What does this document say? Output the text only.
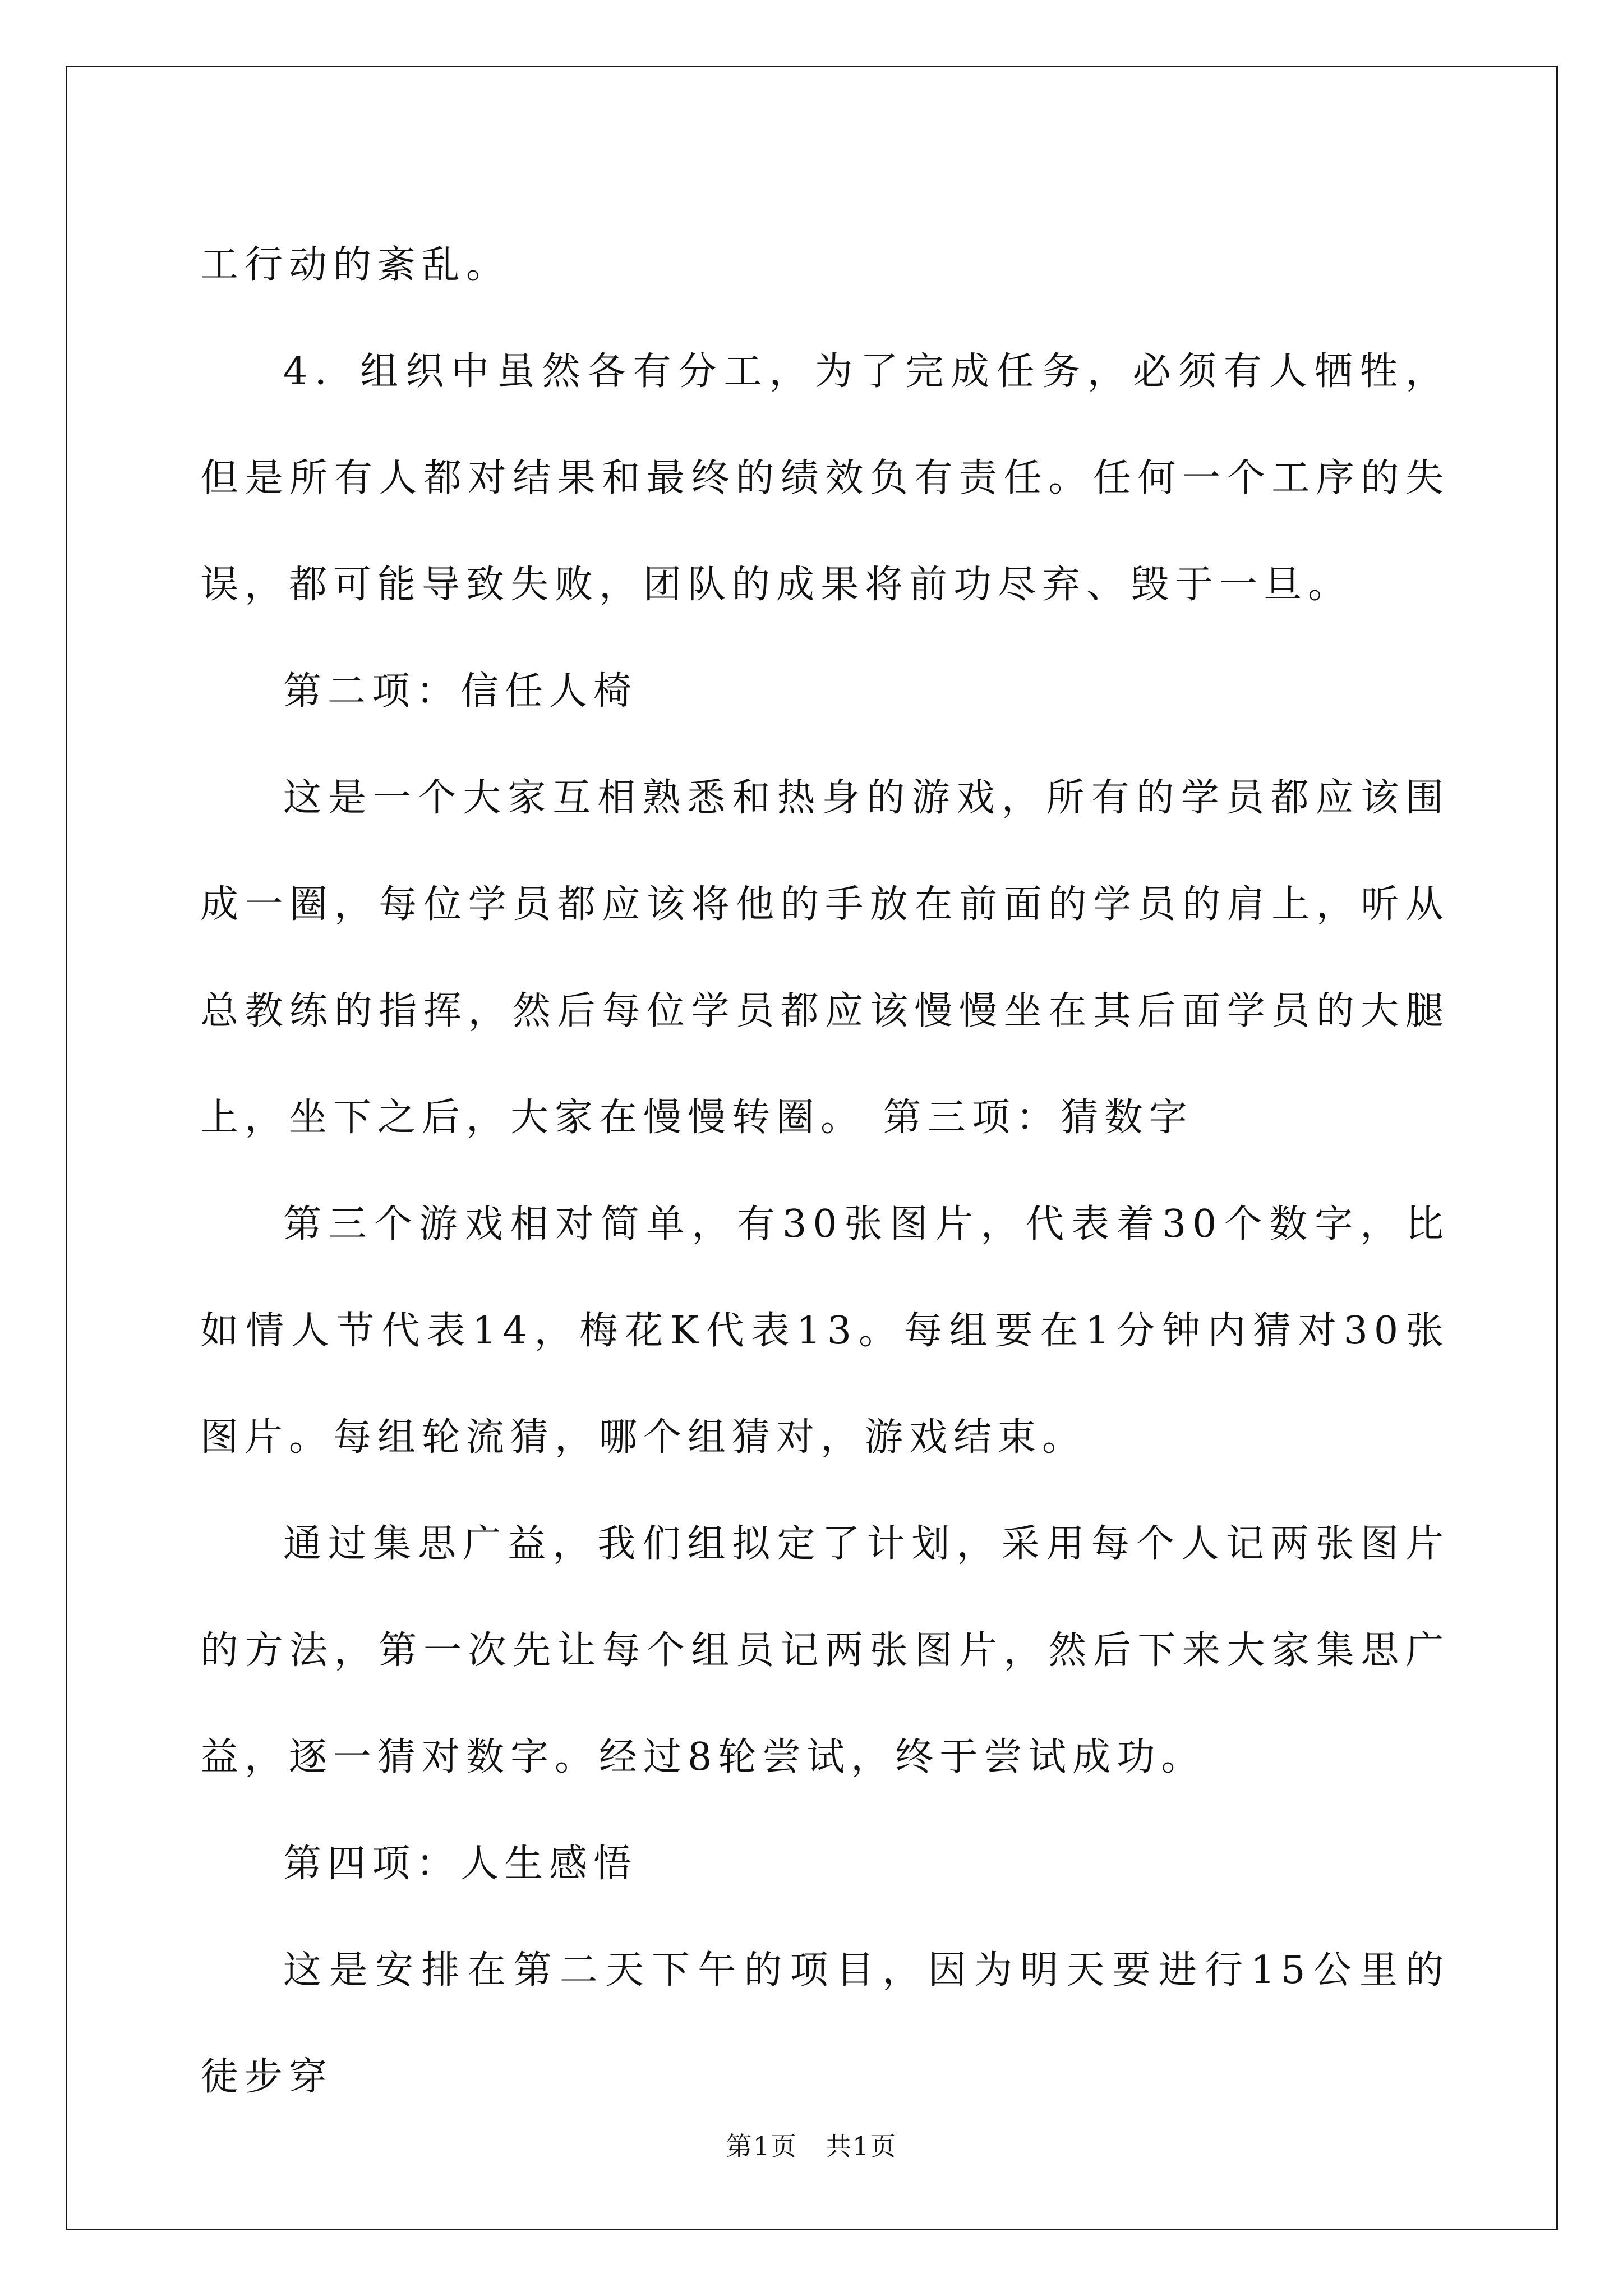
工行动的紊乱。

4．组织中虽然各有分工，为了完成任务，必须有人牺牲，但是所有人都对结果和最终的绩效负有责任。任何一个工序的失误，都可能导致失败，团队的成果将前功尽弃、毁于一旦。

第二项：信任人椅

这是一个大家互相熟悉和热身的游戏，所有的学员都应该围成一圈，每位学员都应该将他的手放在前面的学员的肩上，听从总教练的指挥，然后每位学员都应该慢慢坐在其后面学员的大腿上，坐下之后，大家在慢慢转圈。 第三项：猜数字

第三个游戏相对简单，有30张图片，代表着30个数字，比如情人节代表14，梅花K代表13。每组要在1分钟内猜对30张图片。每组轮流猜，哪个组猜对，游戏结束。

通过集思广益，我们组拟定了计划，采用每个人记两张图片的方法，第一次先让每个组员记两张图片，然后下来大家集思广益，逐一猜对数字。经过8轮尝试，终于尝试成功。

第四项：人生感悟

这是安排在第二天下午的项目，因为明天要进行15公里的徒步穿

第1页 共1页
